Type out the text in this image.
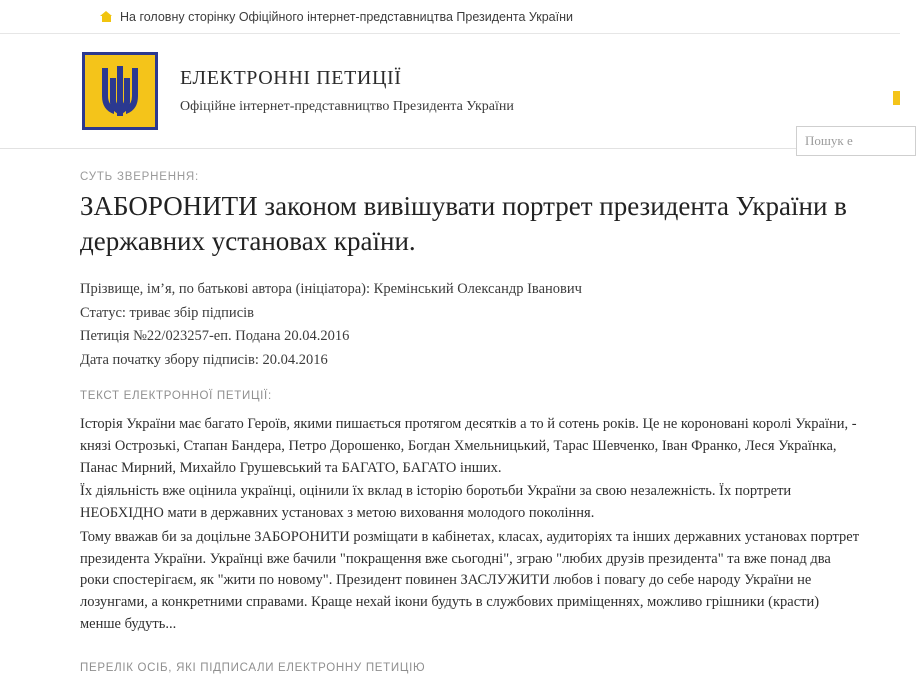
На головну сторінку Офіційного інтернет-представництва Президента України
ЕЛЕКТРОННІ ПЕТИЦІЇ
Офіційне інтернет-представництво Президента України
Пошук е
СУТЬ ЗВЕРНЕННЯ:
ЗАБОРОНИТИ законом вивішувати портрет президента України в державних установах країни.
Прізвище, ім’я, по батькові автора (ініціатора): Кремінський Олександр Іванович
Статус: триває збір підписів
Петиція №22/023257-еп. Подана 20.04.2016
Дата початку збору підписів: 20.04.2016
ТЕКСТ ЕЛЕКТРОННОЇ ПЕТИЦІЇ:

Історія України має багато Героїв, якими пишається протягом десятків а то й сотень років. Це не короновані королі України, - князі Острозькі, Стапан Бандера, Петро Дорошенко, Богдан Хмельницький, Тарас Шевченко, Іван Франко, Леся Українка, Панас Мирний, Михайло Грушевський та БАГАТО, БАГАТО інших.

Їх діяльність вже оцінила українці, оцінили їх вклад в історію боротьби України за свою незалежність. Їх портрети НЕОБХІДНО мати в державних установах з метою виховання молодого покоління.

Тому вважав би за доцільне ЗАБОРОНИТИ розміщати в кабінетах, класах, аудиторіях та інших державних установах портрет президента України. Українці вже бачили "покращення вже сьогодні", зграю "любих друзів президента" та вже понад два роки спостерігаєм, як "жити по новому". Президент повинен ЗАСЛУЖИТИ любов і повагу до себе народу України не лозунгами, а конкретними справами. Краще нехай ікони будуть в службових приміщеннях, можливо грішники (красти) менше будуть...

ПЕРЕЛІК ОСІБ, ЯКІ ПІДПИСАЛИ ЕЛЕКТРОННУ ПЕТИЦІЮ
